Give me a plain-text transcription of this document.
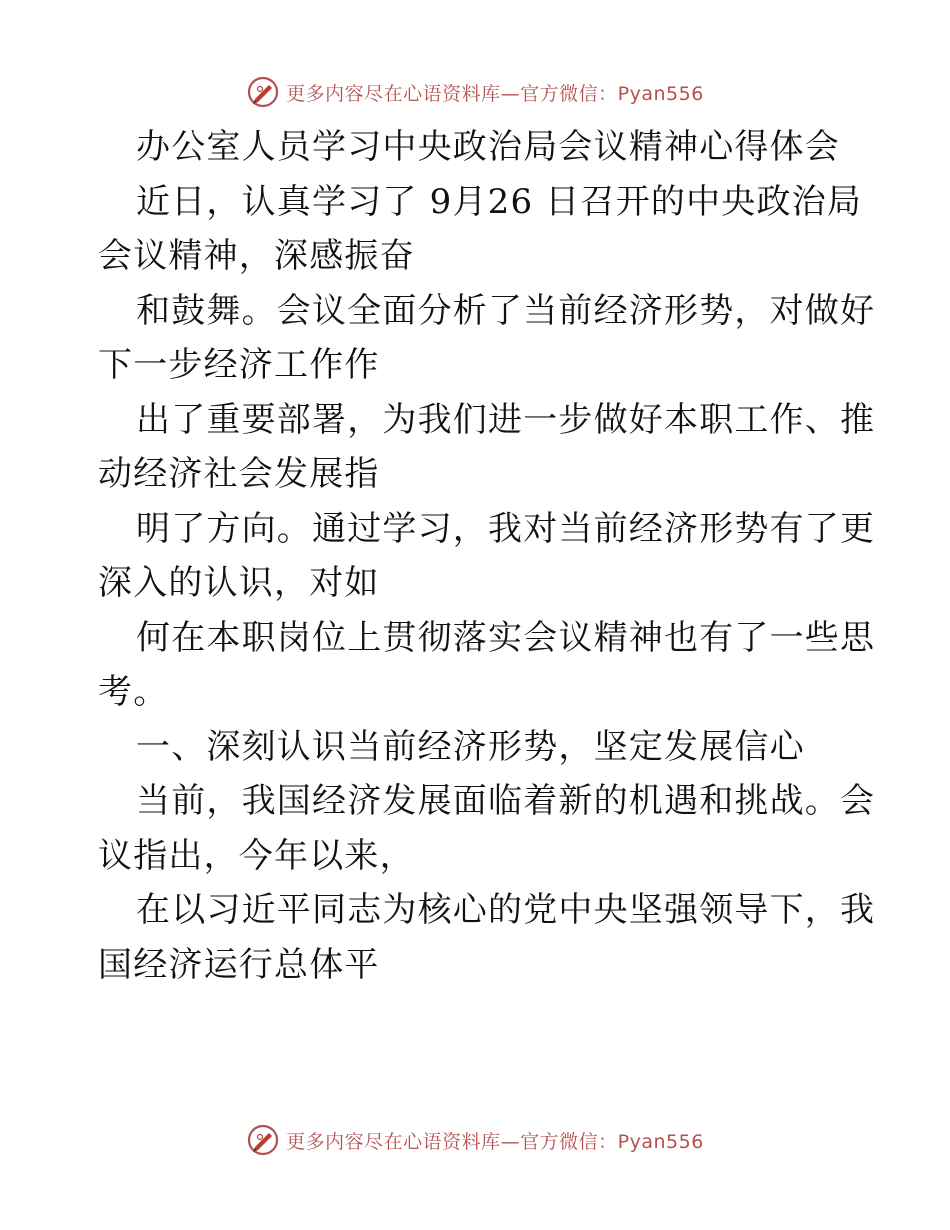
更多内容尽在心语资料库—官方微信：Pyan556
办公室人员学习中央政治局会议精神心得体会
近日，认真学习了 9月26 日召开的中央政治局
会议精神，深感振奋
和鼓舞。会议全面分析了当前经济形势，对做好
下一步经济工作作
出了重要部署，为我们进一步做好本职工作、推
动经济社会发展指
明了方向。通过学习，我对当前经济形势有了更
深入的认识，对如
何在本职岗位上贯彻落实会议精神也有了一些思
考。
一、深刻认识当前经济形势，坚定发展信心
当前，我国经济发展面临着新的机遇和挑战。会
议指出，今年以来，
在以习近平同志为核心的党中央坚强领导下，我
国经济运行总体平
更多内容尽在心语资料库—官方微信：Pyan556
